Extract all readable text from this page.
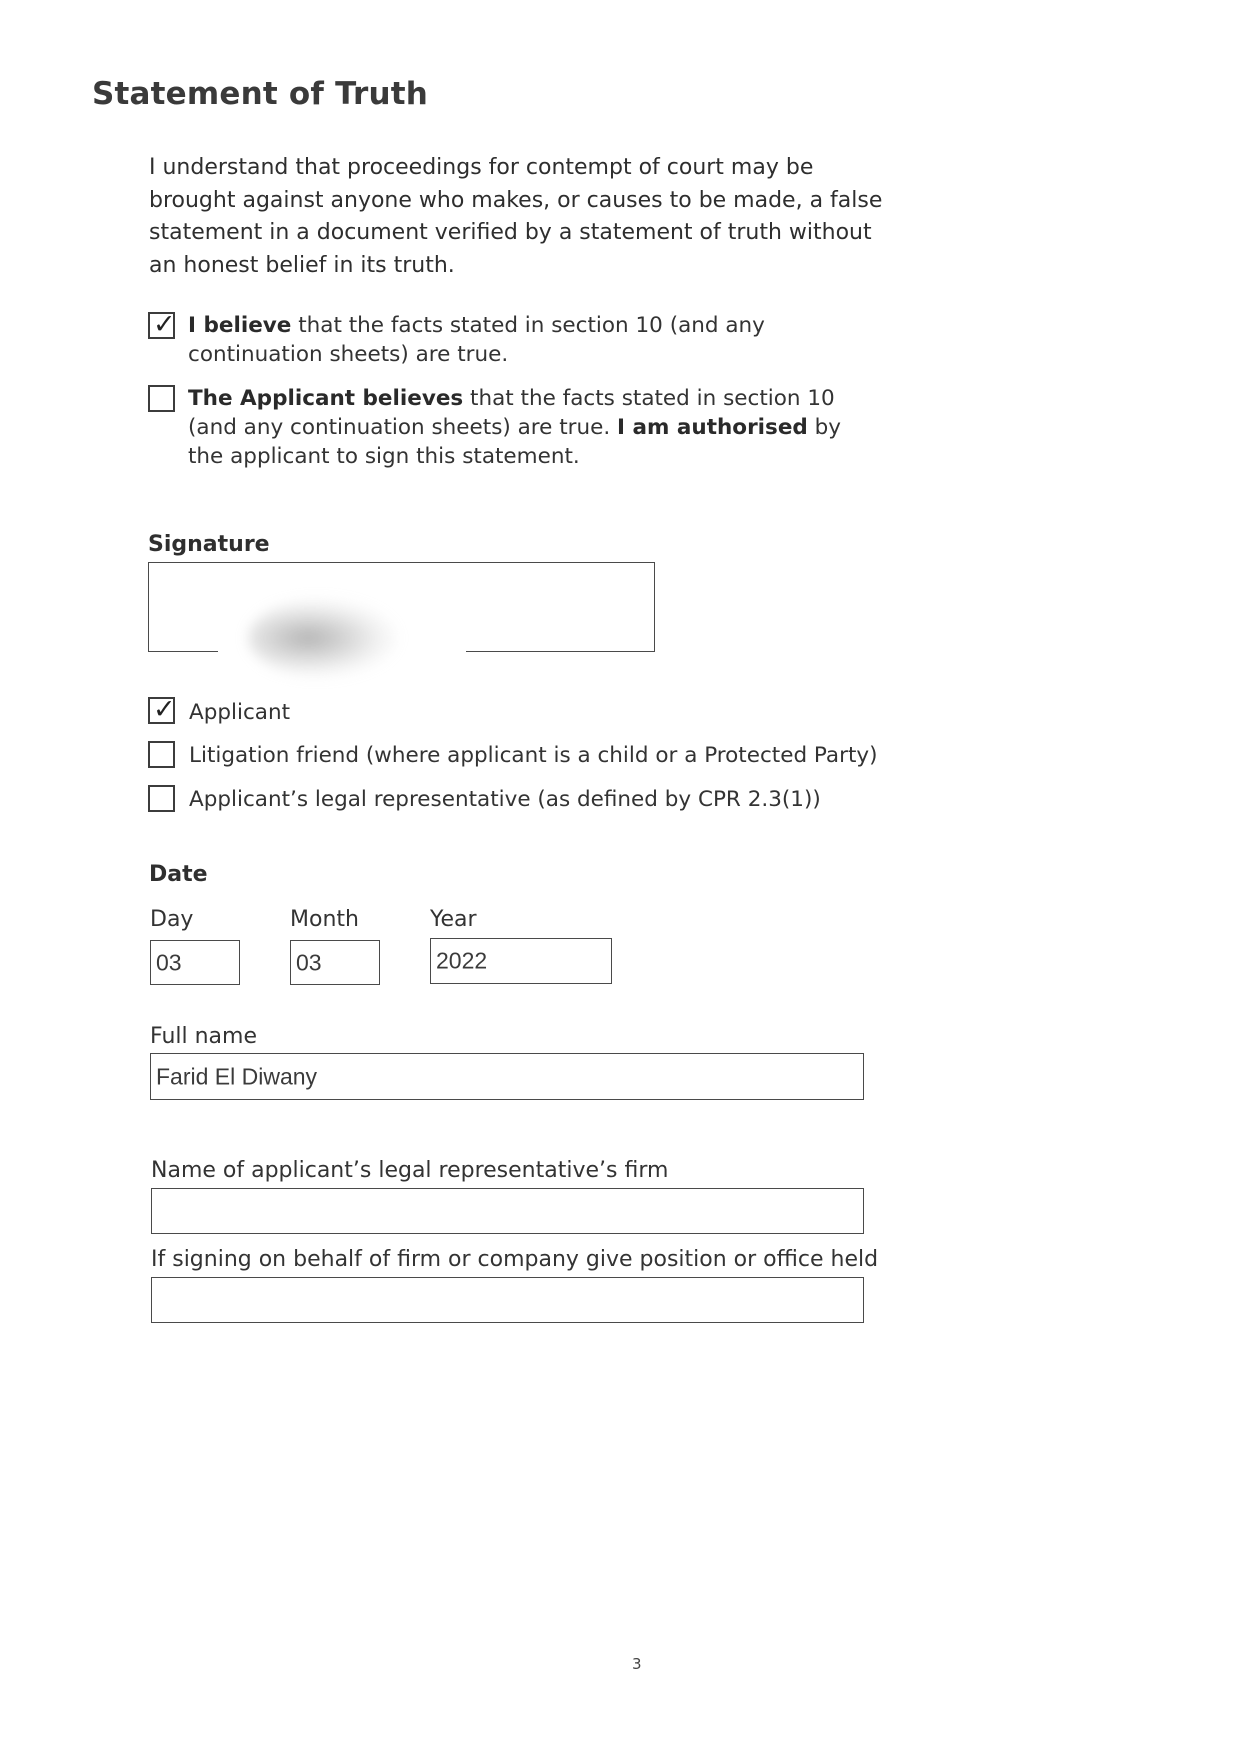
Statement of Truth

I understand that proceedings for contempt of court may be brought against anyone who makes, or causes to be made, a false statement in a document verified by a statement of truth without an honest belief in its truth.

✓ I believe that the facts stated in section 10 (and any continuation sheets) are true.
The Applicant believes that the facts stated in section 10 (and any continuation sheets) are true. I am authorised by the applicant to sign this statement.
Signature
✓ Applicant
Litigation friend (where applicant is a child or a Protected Party)
Applicant’s legal representative (as defined by CPR 2.3(1))
Date
Day
03
Month
03
Year
2022
Full name
Farid El Diwany
Name of applicant’s legal representative’s firm
If signing on behalf of firm or company give position or office held
3
